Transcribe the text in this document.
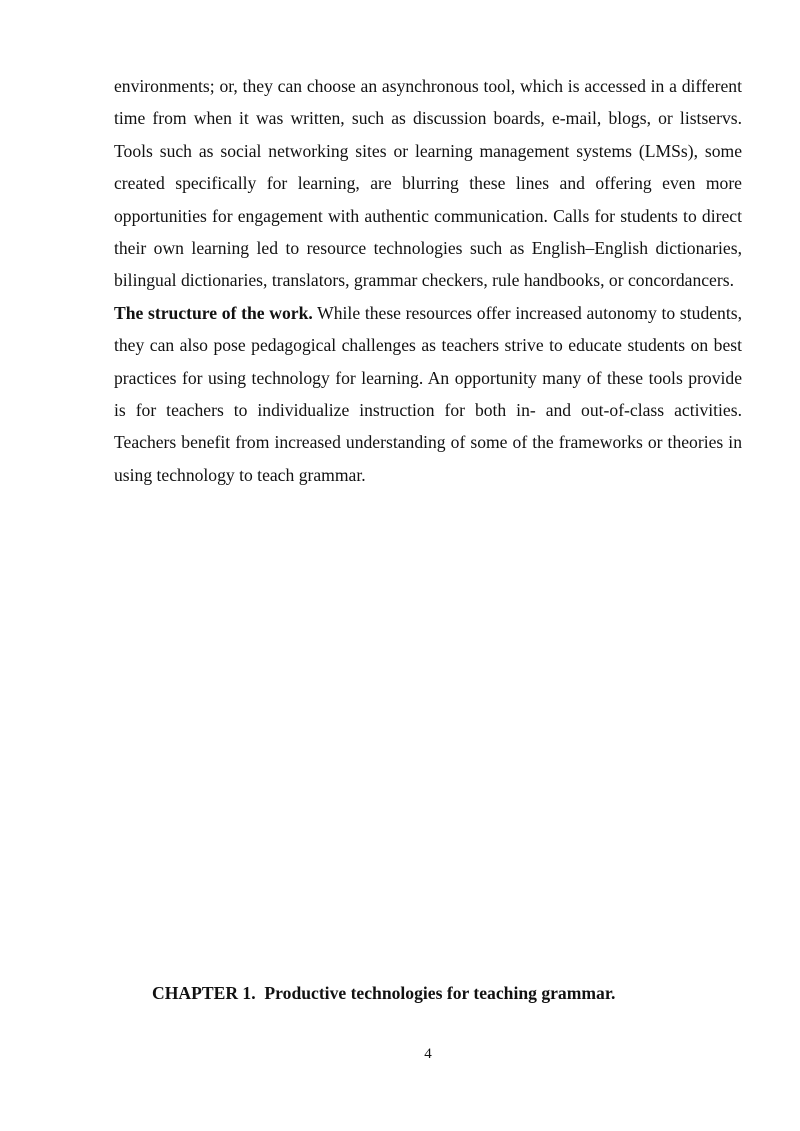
environments; or, they can choose an asynchronous tool, which is accessed in a different time from when it was written, such as discussion boards, e-mail, blogs, or listservs. Tools such as social networking sites or learning management systems (LMSs), some created specifically for learning, are blurring these lines and offering even more opportunities for engagement with authentic communication. Calls for students to direct their own learning led to resource technologies such as English–English dictionaries, bilingual dictionaries, translators, grammar checkers, rule handbooks, or concordancers.

The structure of the work. While these resources offer increased autonomy to students, they can also pose pedagogical challenges as teachers strive to educate students on best practices for using technology for learning. An opportunity many of these tools provide is for teachers to individualize instruction for both in- and out-of-class activities. Teachers benefit from increased understanding of some of the frameworks or theories in using technology to teach grammar.

CHAPTER 1.  Productive technologies for teaching grammar.
4
